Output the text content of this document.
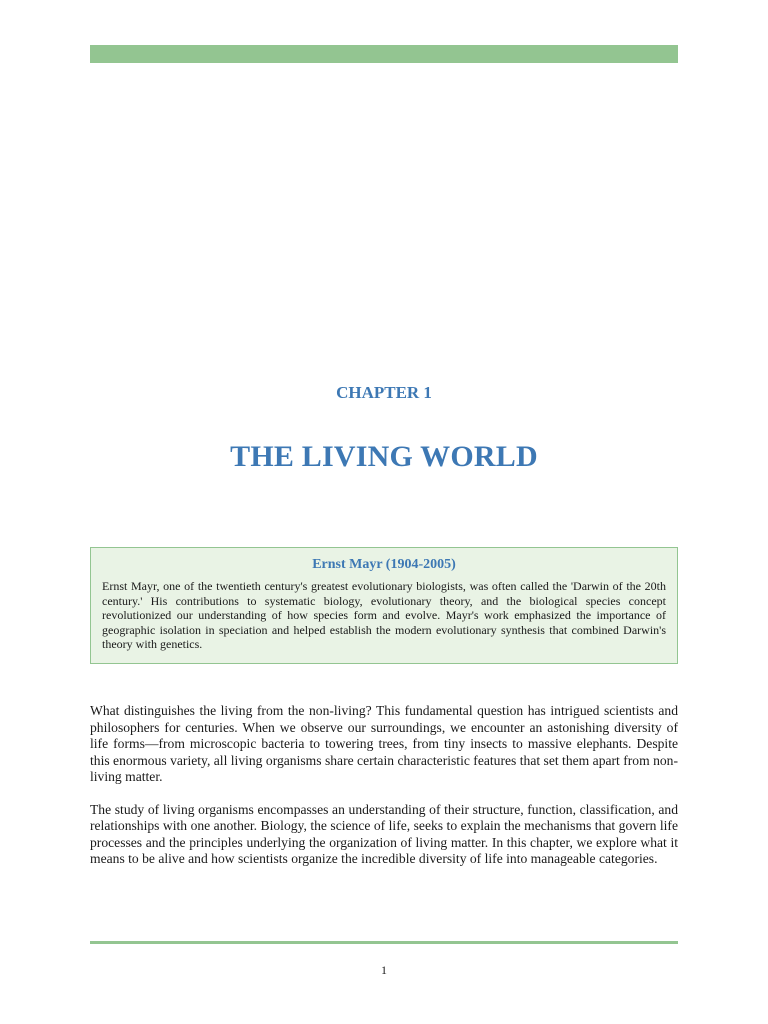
CHAPTER 1
THE LIVING WORLD
Ernst Mayr (1904-2005)

Ernst Mayr, one of the twentieth century's greatest evolutionary biologists, was often called the 'Darwin of the 20th century.' His contributions to systematic biology, evolutionary theory, and the biological species concept revolutionized our understanding of how species form and evolve. Mayr's work emphasized the importance of geographic isolation in speciation and helped establish the modern evolutionary synthesis that combined Darwin's theory with genetics.

What distinguishes the living from the non-living? This fundamental question has intrigued scientists and philosophers for centuries. When we observe our surroundings, we encounter an astonishing diversity of life forms—from microscopic bacteria to towering trees, from tiny insects to massive elephants. Despite this enormous variety, all living organisms share certain characteristic features that set them apart from non-living matter.

The study of living organisms encompasses an understanding of their structure, function, classification, and relationships with one another. Biology, the science of life, seeks to explain the mechanisms that govern life processes and the principles underlying the organization of living matter. In this chapter, we explore what it means to be alive and how scientists organize the incredible diversity of life into manageable categories.

1
